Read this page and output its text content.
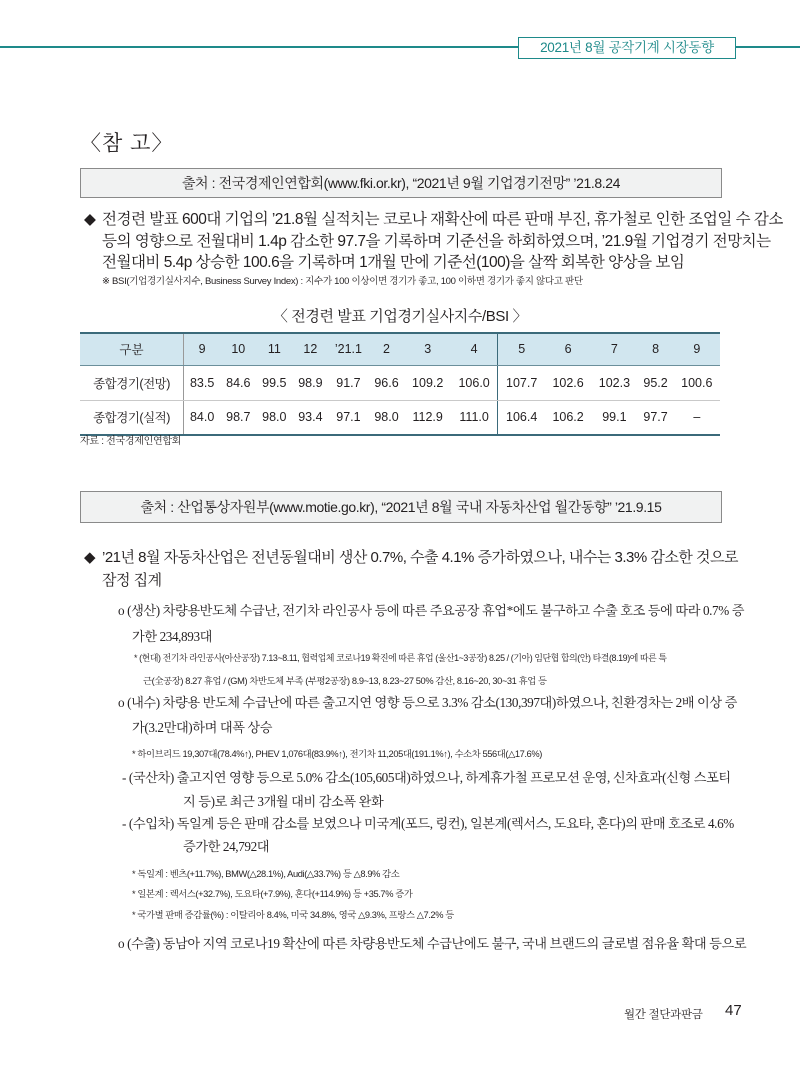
2021년 8월 공작기계 시장동향
〈참 고〉
출처 : 전국경제인연합회(www.fki.or.kr), “2021년 9월 기업경기전망” ’21.8.24
◆ 전경련 발표 600대 기업의 ’21.8월 실적치는 코로나 재확산에 따른 판매 부진, 휴가철로 인한 조업일 수 감소
등의 영향으로 전월대비 1.4p 감소한 97.7을 기록하며 기준선을 하회하였으며, ’21.9월 기업경기 전망치는
전월대비 5.4p 상승한 100.6을 기록하며 1개월 만에 기준선(100)을 살짝 회복한 양상을 보임
※ BSI(기업경기실사지수, Business Survey Index) : 지수가 100 이상이면 경기가 좋고, 100 이하면 경기가 좋지 않다고 판단
〈 전경련 발표 기업경기실사지수/BSI 〉
구분	9	10	11	12	’21.1	2	3	4	5	6	7	8	9
종합경기(전망)	83.5	84.6	99.5	98.9	91.7	96.6	109.2	106.0	107.7	102.6	102.3	95.2	100.6
종합경기(실적)	84.0	98.7	98.0	93.4	97.1	98.0	112.9	111.0	106.4	106.2	99.1	97.7	–
자료 : 전국경제인연합회
출처 : 산업통상자원부(www.motie.go.kr), “2021년 8월 국내 자동차산업 월간동향” ’21.9.15
◆ ’21년 8월 자동차산업은 전년동월대비 생산 0.7%, 수출 4.1% 증가하였으나, 내수는 3.3% 감소한 것으로
잠정 집계
o (생산) 차량용반도체 수급난, 전기차 라인공사 등에 따른 주요공장 휴업*에도 불구하고 수출 호조 등에 따라 0.7% 증
가한 234,893대
* (현대) 전기차 라인공사(아산공장) 7.13~8.11, 협력업체 코로나19 확진에 따른 휴업 (울산1~3공장) 8.25 / (기아) 임단협 합의(안) 타결(8.19)에 따른 특
근(全공장) 8.27 휴업 / (GM) 차반도체 부족 (부평2공장) 8.9~13, 8.23~27 50% 감산, 8.16~20, 30~31 휴업 등
o (내수) 차량용 반도체 수급난에 따른 출고지연 영향 등으로 3.3% 감소(130,397대)하였으나, 친환경차는 2배 이상 증
가(3.2만대)하며 대폭 상승
* 하이브리드 19,307대(78.4%↑), PHEV 1,076대(83.9%↑), 전기차 11,205대(191.1%↑), 수소차 556대(△17.6%)
- (국산차) 출고지연 영향 등으로 5.0% 감소(105,605대)하였으나, 하계휴가철 프로모션 운영, 신차효과(신형 스포티
지 등)로 최근 3개월 대비 감소폭 완화
- (수입차) 독일계 등은 판매 감소를 보였으나 미국계(포드, 링컨), 일본계(렉서스, 도요타, 혼다)의 판매 호조로 4.6%
증가한 24,792대
* 독일계 : 벤츠(+11.7%), BMW(△28.1%), Audi(△33.7%) 등 △8.9% 감소
* 일본계 : 렉서스(+32.7%), 도요타(+7.9%), 혼다(+114.9%) 등 +35.7% 증가
* 국가별 판매 증감률(%) : 이탈리아 8.4%, 미국 34.8%, 영국 △9.3%, 프랑스 △7.2% 등
o (수출) 동남아 지역 코로나19 확산에 따른 차량용반도체 수급난에도 불구, 국내 브랜드의 글로벌 점유율 확대 등으로
월간 절단과판금 47
